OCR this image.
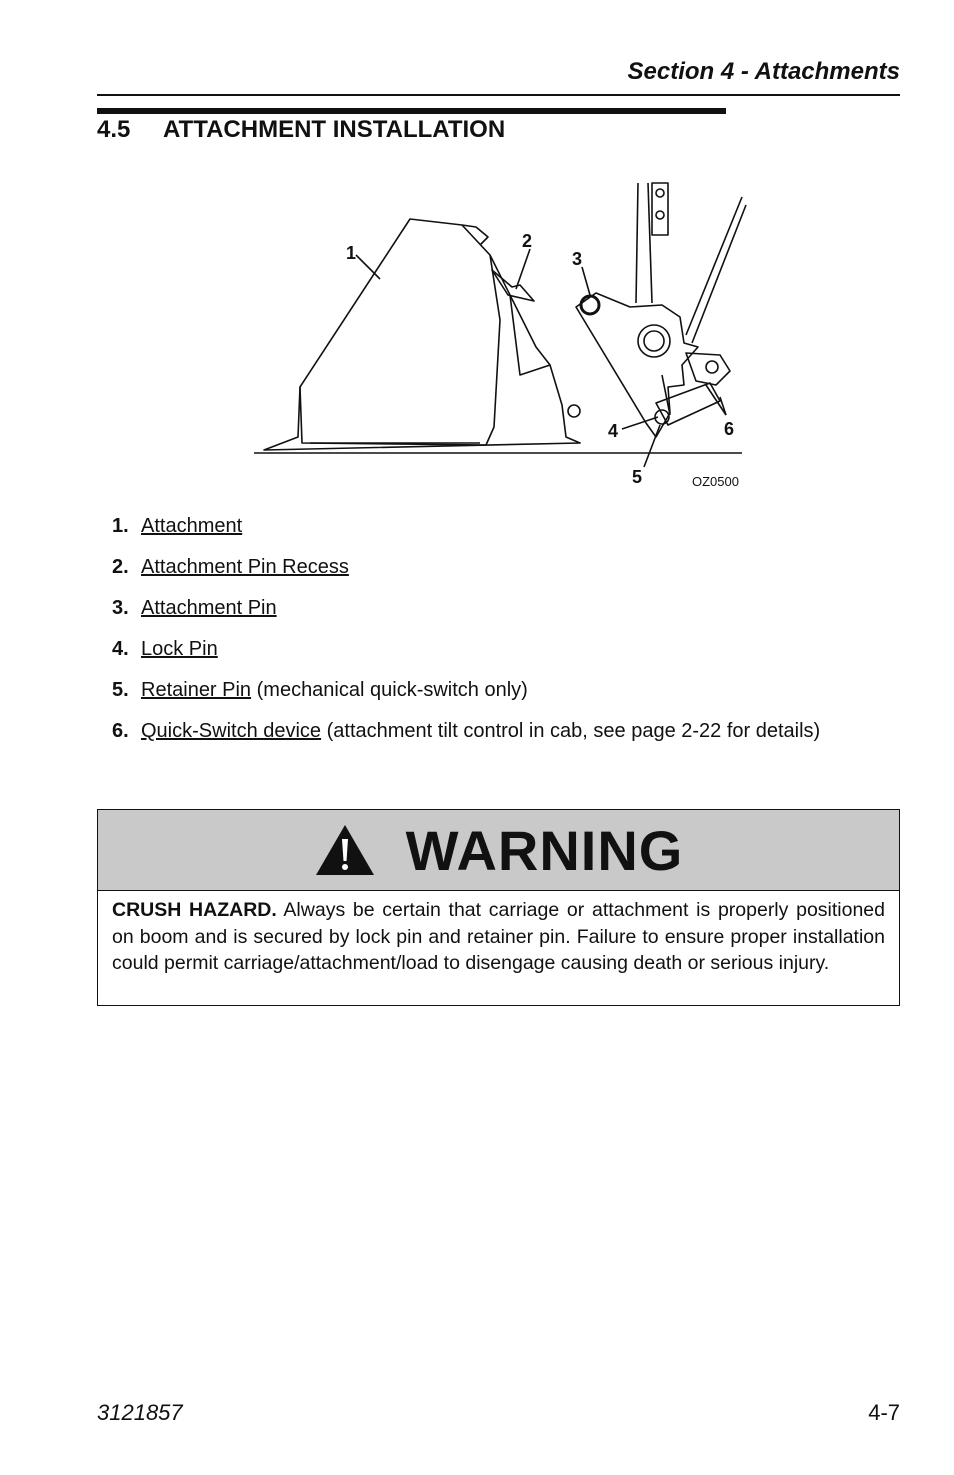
Section 4 - Attachments
4.5 ATTACHMENT INSTALLATION
1
2
3
4
5
6
OZ0500
1. Attachment
2. Attachment Pin Recess
3. Attachment Pin
4. Lock Pin
5. Retainer Pin (mechanical quick-switch only)
6. Quick-Switch device (attachment tilt control in cab, see page 2-22 for details)
WARNING
CRUSH HAZARD. Always be certain that carriage or attachment is properly positioned on boom and is secured by lock pin and retainer pin. Failure to ensure proper installation could permit carriage/attachment/load to disengage causing death or serious injury.
3121857	4-7
